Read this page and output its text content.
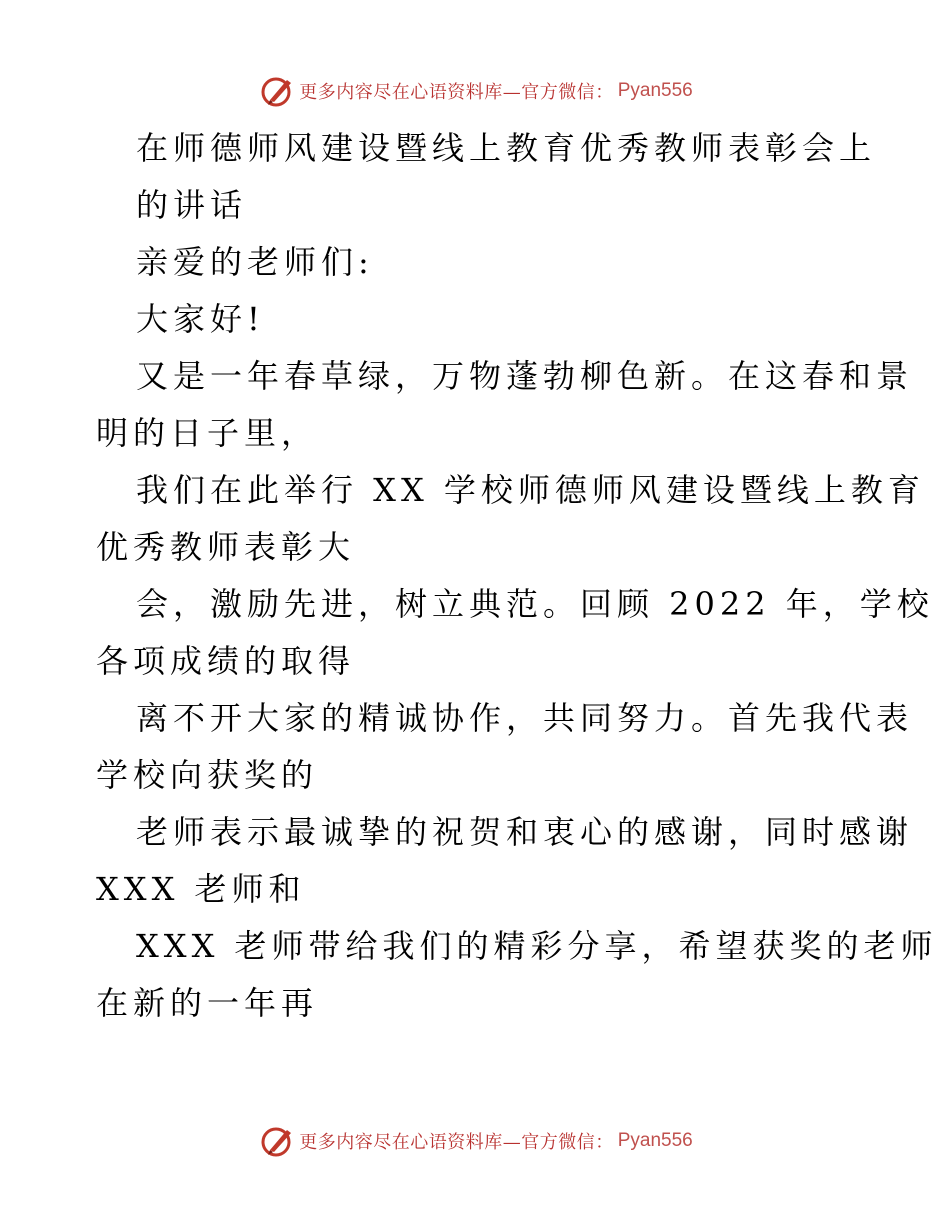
更多内容尽在心语资料库—官方微信： Pyan556
在师德师风建设暨线上教育优秀教师表彰会上
的讲话
亲爱的老师们:
大家好!
又是一年春草绿，万物蓬勃柳色新。在这春和景
明的日子里，
我们在此举行 XX 学校师德师风建设暨线上教育
优秀教师表彰大
会，激励先进，树立典范。回顾 2022 年，学校
各项成绩的取得
离不开大家的精诚协作，共同努力。首先我代表
学校向获奖的
老师表示最诚挚的祝贺和衷心的感谢，同时感谢
XXX 老师和
XXX 老师带给我们的精彩分享，希望获奖的老师
在新的一年再
更多内容尽在心语资料库—官方微信： Pyan556
